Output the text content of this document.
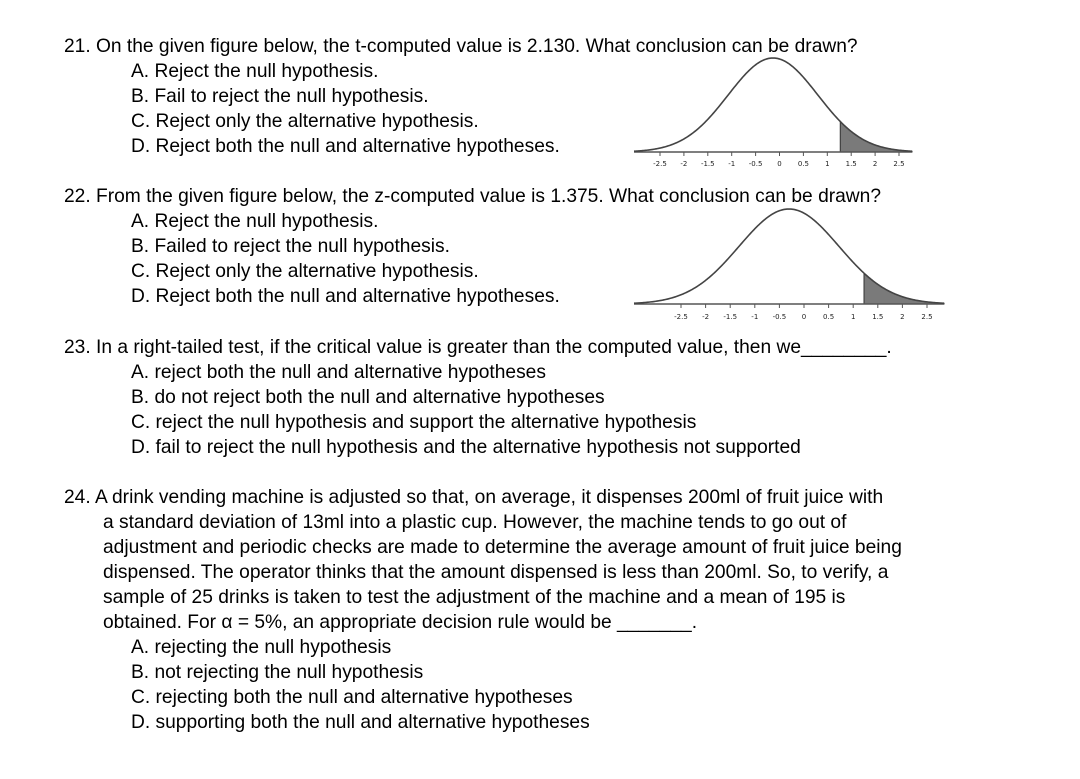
21. On the given figure below, the t-computed value is 2.130. What conclusion can be drawn?
A. Reject the null hypothesis.
B. Fail to reject the null hypothesis.
C. Reject only the alternative hypothesis.
D. Reject both the null and alternative hypotheses.
-2.5 -2 -1.5 -1 -0.5 0 0.5 1 1.5 2 2.5
22. From the given figure below, the z-computed value is 1.375. What conclusion can be drawn?
A. Reject the null hypothesis.
B. Failed to reject the null hypothesis.
C. Reject only the alternative hypothesis.
D. Reject both the null and alternative hypotheses.
-2.5 -2 -1.5 -1 -0.5 0 0.5 1 1.5 2 2.5
23. In a right-tailed test, if the critical value is greater than the computed value, then we________.
A. reject both the null and alternative hypotheses
B. do not reject both the null and alternative hypotheses
C. reject the null hypothesis and support the alternative hypothesis
D. fail to reject the null hypothesis and the alternative hypothesis not supported
24. A drink vending machine is adjusted so that, on average, it dispenses 200ml of fruit juice with
a standard deviation of 13ml into a plastic cup. However, the machine tends to go out of
adjustment and periodic checks are made to determine the average amount of fruit juice being
dispensed. The operator thinks that the amount dispensed is less than 200ml. So, to verify, a
sample of 25 drinks is taken to test the adjustment of the machine and a mean of 195 is
obtained. For α = 5%, an appropriate decision rule would be _______.
A. rejecting the null hypothesis
B. not rejecting the null hypothesis
C. rejecting both the null and alternative hypotheses
D. supporting both the null and alternative hypotheses
